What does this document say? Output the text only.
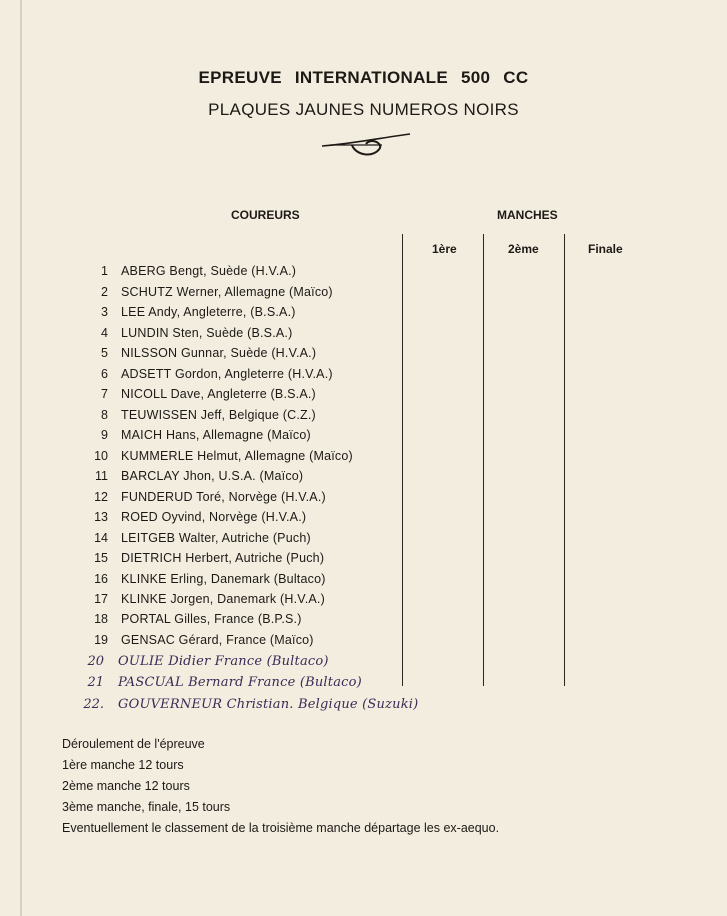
EPREUVE INTERNATIONALE 500 CC
PLAQUES JAUNES NUMEROS NOIRS
COUREURS	MANCHES
1ère	2ème	Finale
1 ABERG Bengt, Suède (H.V.A.)
2 SCHUTZ Werner, Allemagne (Maïco)
3 LEE Andy, Angleterre, (B.S.A.)
4 LUNDIN Sten, Suède (B.S.A.)
5 NILSSON Gunnar, Suède (H.V.A.)
6 ADSETT Gordon, Angleterre (H.V.A.)
7 NICOLL Dave, Angleterre (B.S.A.)
8 TEUWISSEN Jeff, Belgique (C.Z.)
9 MAICH Hans, Allemagne (Maïco)
10 KUMMERLE Helmut, Allemagne (Maïco)
11 BARCLAY Jhon, U.S.A. (Maïco)
12 FUNDERUD Toré, Norvège (H.V.A.)
13 ROED Oyvind, Norvège (H.V.A.)
14 LEITGEB Walter, Autriche (Puch)
15 DIETRICH Herbert, Autriche (Puch)
16 KLINKE Erling, Danemark (Bultaco)
17 KLINKE Jorgen, Danemark (H.V.A.)
18 PORTAL Gilles, France (B.P.S.)
19 GENSAC Gérard, France (Maïco)
20 OULIE Didier France (Bultaco)
21 PASCUAL Bernard France (Bultaco)
22. GOUVERNEUR Christian. Belgique (Suzuki)
Déroulement de l'épreuve
1ère manche 12 tours
2ème manche 12 tours
3ème manche, finale, 15 tours
Eventuellement le classement de la troisième manche départage les ex-aequo.
